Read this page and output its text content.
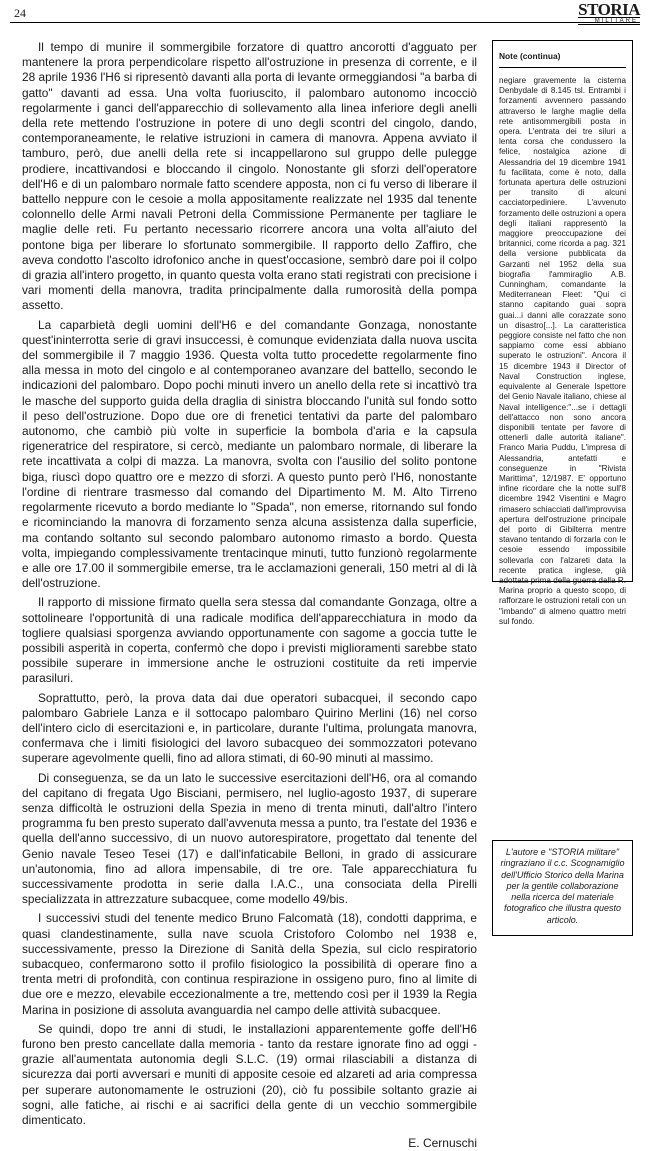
24	STORIA
MILITARE

Il tempo di munire il sommergibile forzatore di quattro ancorotti d'agguato per mantenere la prora perpendicolare rispetto all'ostruzione in presenza di corrente, e il 28 aprile 1936 l'H6 si ripresentò davanti alla porta di levante ormeggiandosi "a barba di gatto" davanti ad essa. Una volta fuoriuscito, il palombaro autonomo incocciò regolarmente i ganci dell'apparecchio di sollevamento alla linea inferiore degli anelli della rete mettendo l'ostruzione in potere di uno degli scontri del cingolo, dando, contemporaneamente, le relative istruzioni in camera di manovra. Appena avviato il tamburo, però, due anelli della rete si incappellarono sul gruppo delle pulegge prodiere, incattivandosi e bloccando il cingolo. Nonostante gli sforzi dell'operatore dell'H6 e di un palombaro normale fatto scendere apposta, non ci fu verso di liberare il battello neppure con le cesoie a molla appositamente realizzate nel 1935 dal tenente colonnello delle Armi navali Petroni della Commissione Permanente per tagliare le maglie delle reti. Fu pertanto necessario ricorrere ancora una volta all'aiuto del pontone biga per liberare lo sfortunato sommergibile. Il rapporto dello Zaffiro, che aveva condotto l'ascolto idrofonico anche in quest'occasione, sembrò dare poi il colpo di grazia all'intero progetto, in quanto questa volta erano stati registrati con precisione i vari momenti della manovra, tradita principalmente dalla rumorosità della pompa assetto.

La caparbietà degli uomini dell'H6 e del comandante Gonzaga, nonostante quest'ininterrotta serie di gravi insuccessi, è comunque evidenziata dalla nuova uscita del sommergibile il 7 maggio 1936. Questa volta tutto procedette regolarmente fino alla messa in moto del cingolo e al contemporaneo avanzare del battello, secondo le indicazioni del palombaro. Dopo pochi minuti invero un anello della rete si incattivò tra le masche del supporto guida della draglia di sinistra bloccando l'unità sul fondo sotto il peso dell'ostruzione. Dopo due ore di frenetici tentativi da parte del palombaro autonomo, che cambiò più volte in superficie la bombola d'aria e la capsula rigeneratrice del respiratore, si cercò, mediante un palombaro normale, di liberare la rete incattivata a colpi di mazza. La manovra, svolta con l'ausilio del solito pontone biga, riuscì dopo quattro ore e mezzo di sforzi. A questo punto però l'H6, nonostante l'ordine di rientrare trasmesso dal comando del Dipartimento M. M. Alto Tirreno regolarmente ricevuto a bordo mediante lo "Spada", non emerse, ritornando sul fondo e ricominciando la manovra di forzamento senza alcuna assistenza dalla superficie, ma contando soltanto sul secondo palombaro autonomo rimasto a bordo. Questa volta, impiegando complessivamente trentacinque minuti, tutto funzionò regolarmente e alle ore 17.00 il sommergibile emerse, tra le acclamazioni generali, 150 metri al di là dell'ostruzione.

Il rapporto di missione firmato quella sera stessa dal comandante Gonzaga, oltre a sottolineare l'opportunità di una radicale modifica dell'apparecchiatura in modo da togliere qualsiasi sporgenza avviando opportunamente con sagome a goccia tutte le possibili asperità in coperta, confermò che dopo i previsti miglioramenti sarebbe stato possibile superare in immersione anche le ostruzioni costituite da reti impervie parasiluri.

Soprattutto, però, la prova data dai due operatori subacquei, il secondo capo palombaro Gabriele Lanza e il sottocapo palombaro Quirino Merlini (16) nel corso dell'intero ciclo di esercitazioni e, in particolare, durante l'ultima, prolungata manovra, confermava che i limiti fisiologici del lavoro subacqueo dei sommozzatori potevano superare agevolmente quelli, fino ad allora stimati, di 60-90 minuti al massimo.

Di conseguenza, se da un lato le successive esercitazioni dell'H6, ora al comando del capitano di fregata Ugo Bisciani, permisero, nel luglio-agosto 1937, di superare senza difficoltà le ostruzioni della Spezia in meno di trenta minuti, dall'altro l'intero programma fu ben presto superato dall'avvenuta messa a punto, tra l'estate del 1936 e quella dell'anno successivo, di un nuovo autorespiratore, progettato dal tenente del Genio navale Teseo Tesei (17) e dall'infaticabile Belloni, in grado di assicurare un'autonomia, fino ad allora impensabile, di tre ore. Tale apparecchiatura fu successivamente prodotta in serie dalla I.A.C., una consociata della Pirelli specializzata in attrezzature subacquee, come modello 49/bis.

I successivi studi del tenente medico Bruno Falcomatà (18), condotti dapprima, e quasi clandestinamente, sulla nave scuola Cristoforo Colombo nel 1938 e, successivamente, presso la Direzione di Sanità della Spezia, sul ciclo respiratorio subacqueo, confermarono sotto il profilo fisiologico la possibilità di operare fino a trenta metri di profondità, con continua respirazione in ossigeno puro, fino al limite di due ore e mezzo, elevabile eccezionalmente a tre, mettendo così per il 1939 la Regia Marina in posizione di assoluta avanguardia nel campo delle attività subacquee.

Se quindi, dopo tre anni di studi, le installazioni apparentemente goffe dell'H6 furono ben presto cancellate dalla memoria - tanto da restare ignorate fino ad oggi - grazie all'aumentata autonomia degli S.L.C. (19) ormai rilasciabili a distanza di sicurezza dai porti avversari e muniti di apposite cesoie ed alzareti ad aria compressa per superare autonomamente le ostruzioni (20), ciò fu possibile soltanto grazie ai sogni, alle fatiche, ai rischi e ai sacrifici della gente di un vecchio sommergibile dimenticato.

E. Cernuschi
Note (continua)
negiare gravemente la cisterna Denbydale di 8.145 tsl. Entrambi i forzamenti avvennero passando attraverso le larghe maglie della rete antisommergibili posta in opera. L'entrata dei tre siluri a lenta corsa che condussero la felice, nostalgica azione di Alessandria del 19 dicembre 1941 fu facilitata, come è noto, dalla fortunata apertura delle ostruzioni per transito di alcuni cacciatorpediniere. L'avvenuto forzamento delle ostruzioni a opera degli italiani rappresentò la maggiore preoccupazione dei britannici, come ricorda a pag. 321 della versione pubblicata da Garzanti nel 1952 della sua biografia l'ammiraglio A.B. Cunningham, comandante la Mediterranean Fleet: "Qui ci stanno capitando guai sopra guai...i danni alle corazzate sono un disastro[...]. La caratteristica peggiore consiste nel fatto che non sappiamo come essi abbiano superato le ostruzioni". Ancora il 15 dicembre 1943 il Director of Naval Construction inglese, equivalente al Generale Ispettore del Genio Navale italiano, chiese al Naval intelligence:"...se i dettagli dell'attacco non sono ancora disponibili tentate per favore di ottenerli dalle autorità italiane". Franco Maria Puddu, L'impresa di Alessandria, antefatti e conseguenze in "Rivista Marittima", 12/1987. E' opportuno infine ricordare che la notte sull'8 dicembre 1942 Visentini e Magro rimasero schiacciati dall'improvvisa apertura dell'ostruzione principale del porto di Gibilterra mentre stavano tentando di forzarla con le cesoie essendo impossibile sollevarla con l'alzareti data la recente pratica inglese, già adottata prima della guerra dalla R. Marina proprio a questo scopo, di rafforzare le ostruzioni retali con un "imbando" di almeno quattro metri sul fondo.
L'autore e "STORIA militare" ringraziano il c.c. Scognamiglio dell'Ufficio Storico della Marina per la gentile collaborazione nella ricerca del materiale fotografico che illustra questo articolo.
